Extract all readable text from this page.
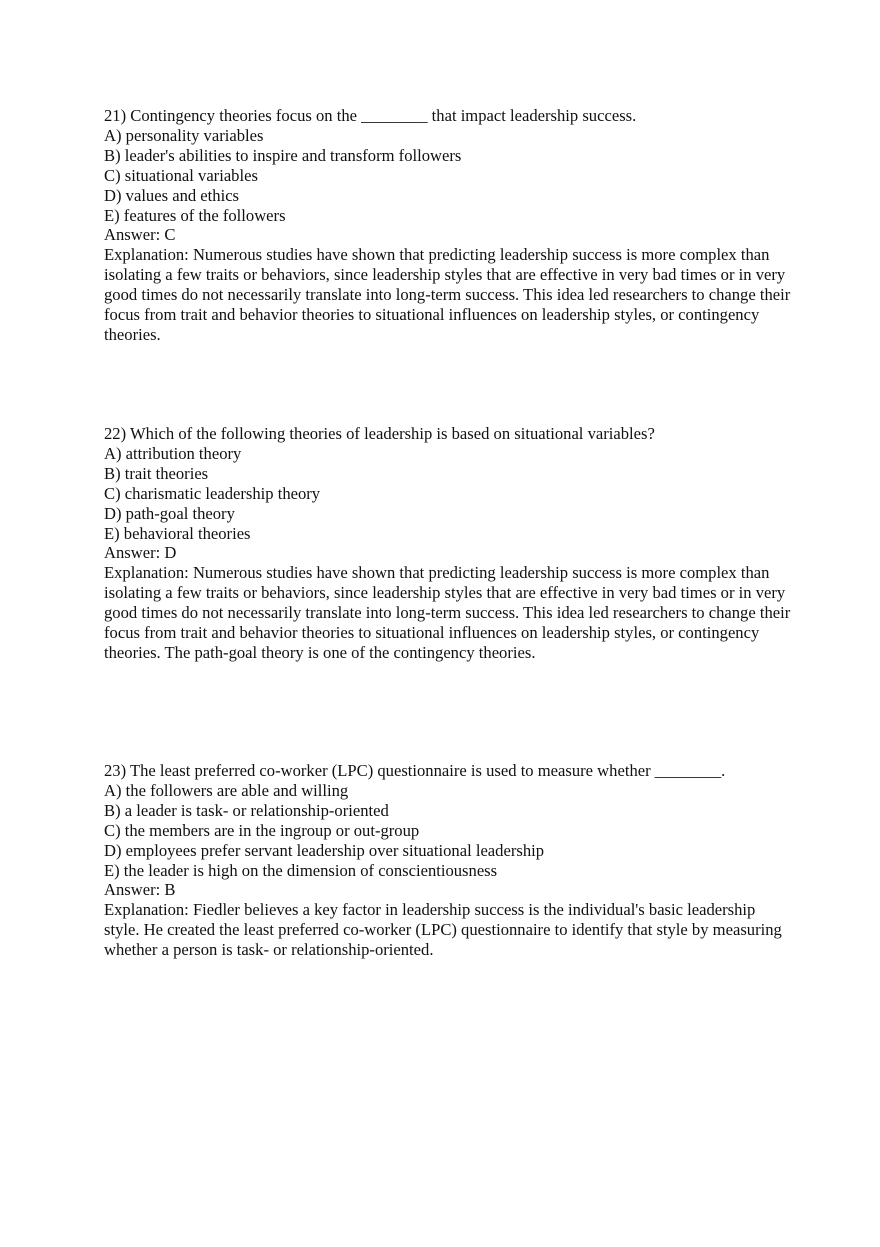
21) Contingency theories focus on the ________ that impact leadership success.

A) personality variables

B) leader's abilities to inspire and transform followers

C) situational variables

D) values and ethics

E) features of the followers

Answer: C

Explanation: Numerous studies have shown that predicting leadership success is more complex than isolating a few traits or behaviors, since leadership styles that are effective in very bad times or in very good times do not necessarily translate into long-term success. This idea led researchers to change their focus from trait and behavior theories to situational influences on leadership styles, or contingency theories.

22) Which of the following theories of leadership is based on situational variables?

A) attribution theory

B) trait theories

C) charismatic leadership theory

D) path-goal theory

E) behavioral theories

Answer: D

Explanation: Numerous studies have shown that predicting leadership success is more complex than isolating a few traits or behaviors, since leadership styles that are effective in very bad times or in very good times do not necessarily translate into long-term success. This idea led researchers to change their focus from trait and behavior theories to situational influences on leadership styles, or contingency theories. The path-goal theory is one of the contingency theories.

23) The least preferred co-worker (LPC) questionnaire is used to measure whether ________.

A) the followers are able and willing

B) a leader is task- or relationship-oriented

C) the members are in the ingroup or out-group

D) employees prefer servant leadership over situational leadership

E) the leader is high on the dimension of conscientiousness

Answer: B

Explanation: Fiedler believes a key factor in leadership success is the individual's basic leadership style. He created the least preferred co-worker (LPC) questionnaire to identify that style by measuring whether a person is task- or relationship-oriented.
